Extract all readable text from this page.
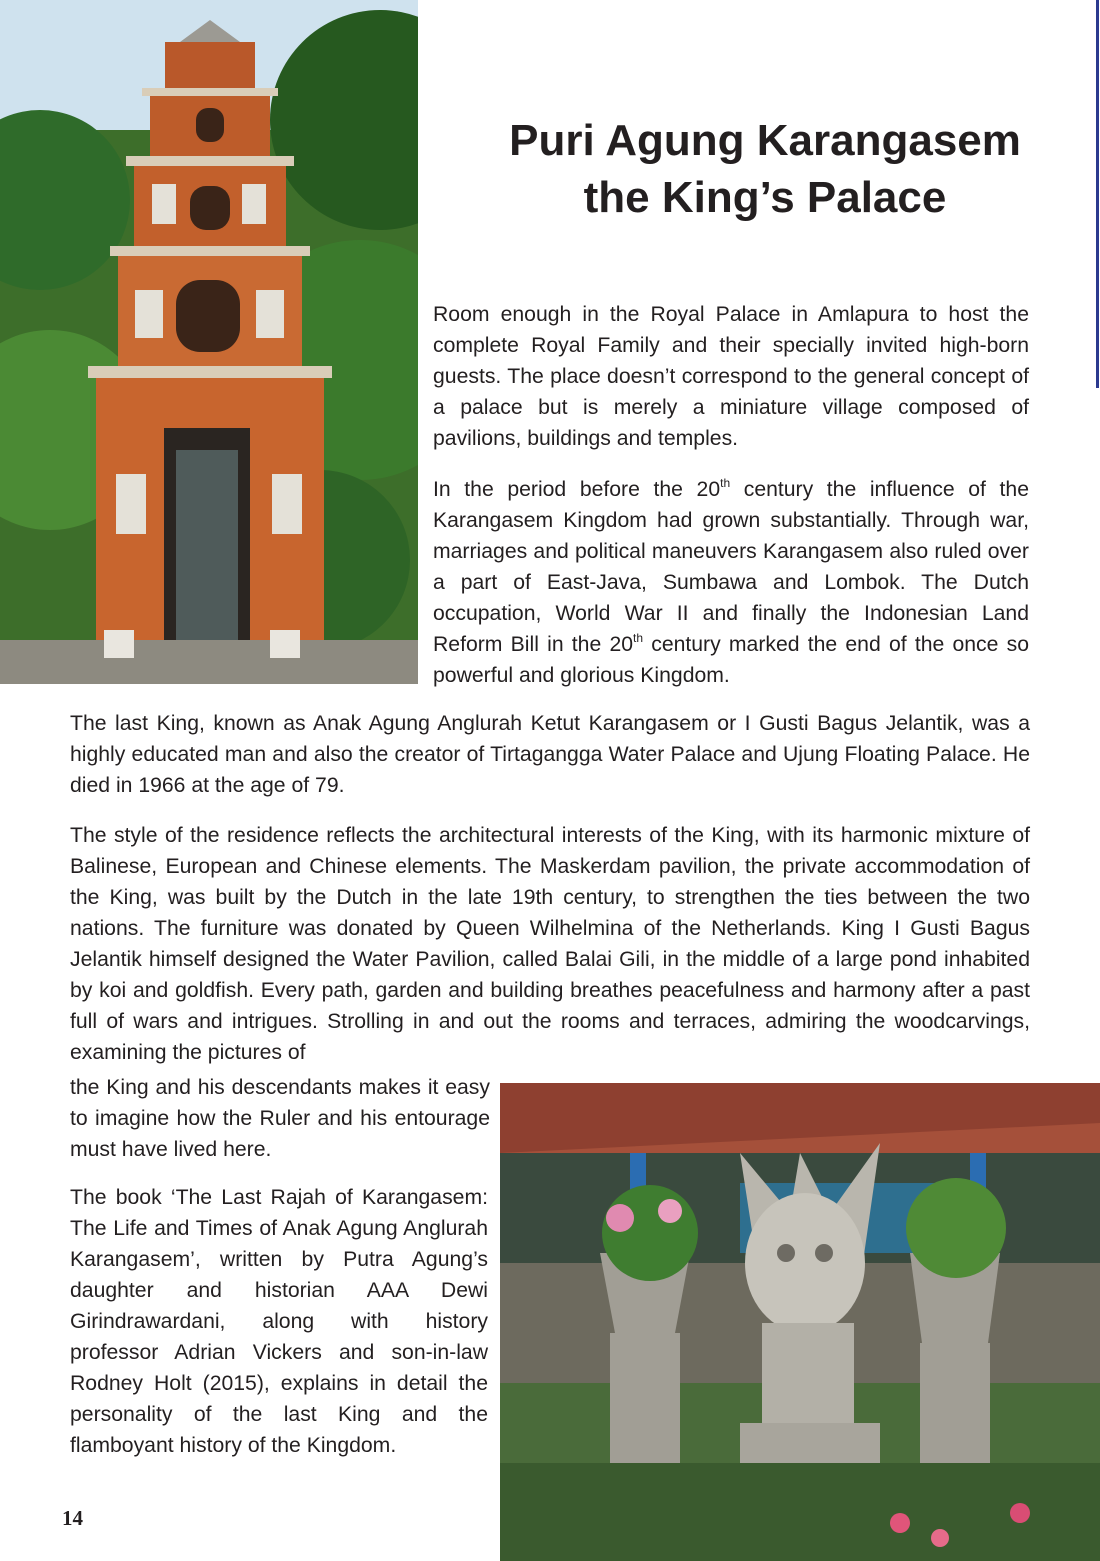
Puri Agung Karangasem
the King’s Palace

Room enough in the Royal Palace in Amlapura to host the complete Royal Family and their specially invited high-born guests. The place doesn’t correspond to the general concept of a palace but is merely a miniature village composed of pavilions, buildings and temples.

In the period before the 20th century the influence of the Karangasem Kingdom had grown substantially. Through war, marriages and political maneuvers Karangasem also ruled over a part of East-Java, Sumbawa and Lombok. The Dutch occupation, World War II and finally the Indonesian Land Reform Bill in the 20th century marked the end of the once so powerful and glorious Kingdom.

The last King, known as Anak Agung Anglurah Ketut Karangasem or I Gusti Bagus Jelantik, was a highly educated man and also the creator of Tirtagangga Water Palace and Ujung Floating Palace. He died in 1966 at the age of 79.

The style of the residence reflects the architectural interests of the King, with its harmonic mixture of Balinese, European and Chinese elements. The Maskerdam pavilion, the private accommodation of the King, was built by the Dutch in the late 19th century, to strengthen the ties between the two nations. The furniture was donated by Queen Wilhelmina of the Netherlands. King I Gusti Bagus Jelantik himself designed the Water Pavilion, called Balai Gili, in the middle of a large pond inhabited by koi and goldfish. Every path, garden and building breathes peacefulness and harmony after a past full of wars and intrigues. Strolling in and out the rooms and terraces, admiring the woodcarvings, examining the pictures of

the King and his descendants makes it easy to imagine how the Ruler and his entourage must have lived here.

The book ‘The Last Rajah of Karangasem: The Life and Times of Anak Agung Anglurah Karangasem’, written by Putra Agung’s daughter and historian AAA Dewi Girindrawardani, along with history professor Adrian Vickers and son-in-law Rodney Holt (2015), explains in detail the personality of the last King and the flamboyant history of the Kingdom.

14
